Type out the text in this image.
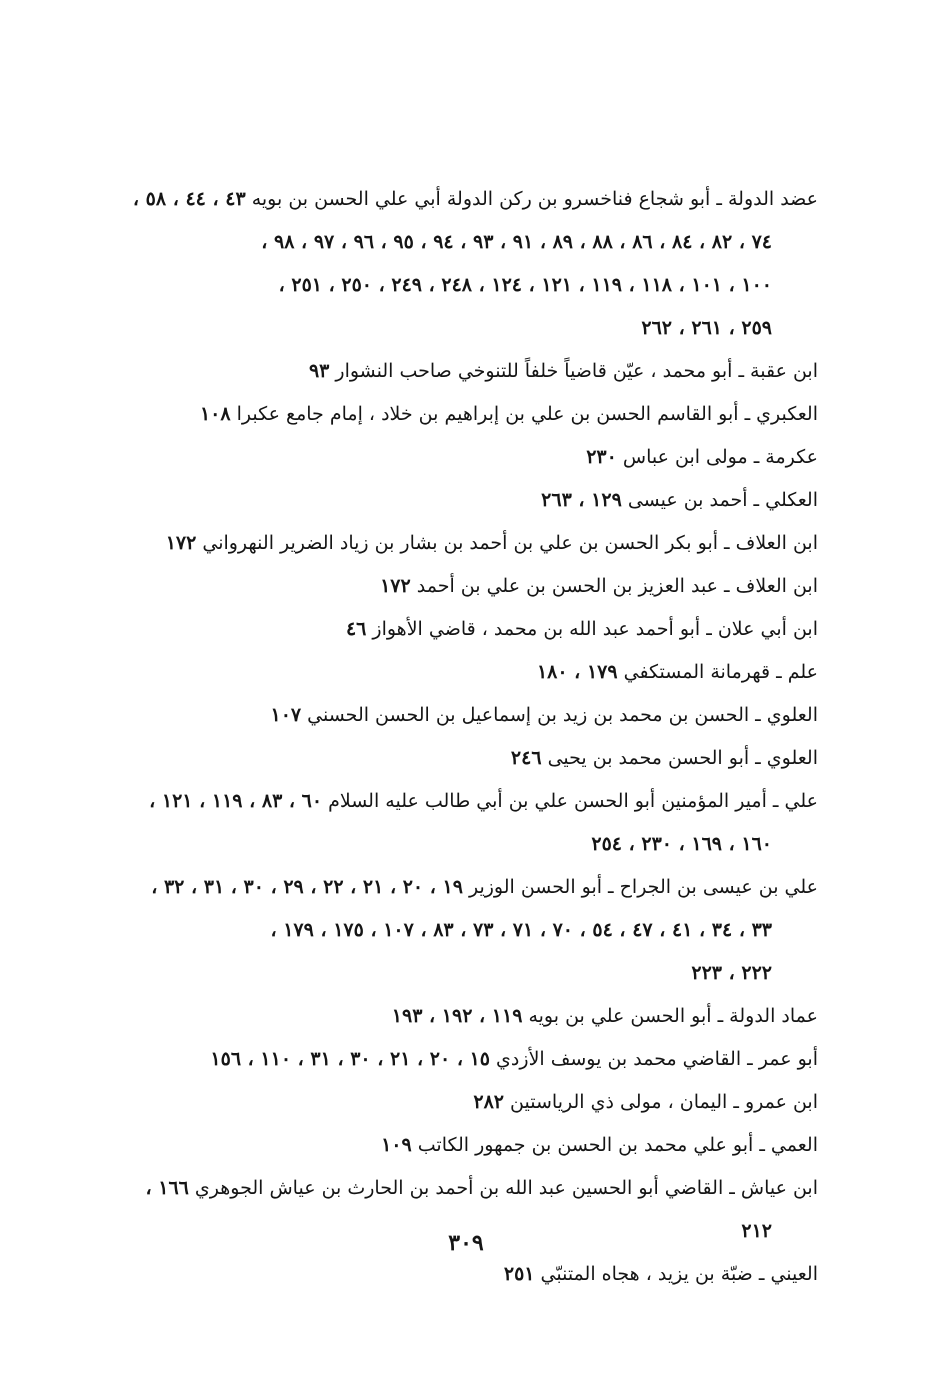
عضد الدولة ـ أبو شجاع فناخسرو بن ركن الدولة أبي علي الحسن بن بويه ٤٣ ، ٤٤ ، ٥٨ ،
٧٤ ، ٨٢ ، ٨٤ ، ٨٦ ، ٨٨ ، ٨٩ ، ٩١ ، ٩٣ ، ٩٤ ، ٩٥ ، ٩٦ ، ٩٧ ، ٩٨ ،
١٠٠ ، ١٠١ ، ١١٨ ، ١١٩ ، ١٢١ ، ١٢٤ ، ٢٤٨ ، ٢٤٩ ، ٢٥٠ ، ٢٥١ ،
٢٥٩ ، ٢٦١ ، ٢٦٢

ابن عقبة ـ أبو محمد ، عيّن قاضياً خلفاً للتنوخي صاحب النشوار ٩٣

العكبري ـ أبو القاسم الحسن بن علي بن إبراهيم بن خلاد ، إمام جامع عكبرا ١٠٨

عكرمة ـ مولى ابن عباس ٢٣٠

العكلي ـ أحمد بن عيسى ١٢٩ ، ٢٦٣

ابن العلاف ـ أبو بكر الحسن بن علي بن أحمد بن بشار بن زياد الضرير النهرواني ١٧٢

ابن العلاف ـ عبد العزيز بن الحسن بن علي بن أحمد ١٧٢

ابن أبي علان ـ أبو أحمد عبد الله بن محمد ، قاضي الأهواز ٤٦

علم ـ قهرمانة المستكفي ١٧٩ ، ١٨٠

العلوي ـ الحسن بن محمد بن زيد بن إسماعيل بن الحسن الحسني ١٠٧

العلوي ـ أبو الحسن محمد بن يحيى ٢٤٦

علي ـ أمير المؤمنين أبو الحسن علي بن أبي طالب عليه السلام ٦٠ ، ٨٣ ، ١١٩ ، ١٢١ ،
١٦٠ ، ١٦٩ ، ٢٣٠ ، ٢٥٤

علي بن عيسى بن الجراح ـ أبو الحسن الوزير ١٩ ، ٢٠ ، ٢١ ، ٢٢ ، ٢٩ ، ٣٠ ، ٣١ ، ٣٢ ،
٣٣ ، ٣٤ ، ٤١ ، ٤٧ ، ٥٤ ، ٧٠ ، ٧١ ، ٧٣ ، ٨٣ ، ١٠٧ ، ١٧٥ ، ١٧٩ ،
٢٢٢ ، ٢٢٣

عماد الدولة ـ أبو الحسن علي بن بويه ١١٩ ، ١٩٢ ، ١٩٣

أبو عمر ـ القاضي محمد بن يوسف الأزدي ١٥ ، ٢٠ ، ٢١ ، ٣٠ ، ٣١ ، ١١٠ ، ١٥٦

ابن عمرو ـ اليمان ، مولى ذي الرياستين ٢٨٢

العمي ـ أبو علي محمد بن الحسن بن جمهور الكاتب ١٠٩

ابن عياش ـ القاضي أبو الحسين عبد الله بن أحمد بن الحارث بن عياش الجوهري ١٦٦ ،
٢١٢

العيني ـ ضبّة بن يزيد ، هجاه المتنبّي ٢٥١

٣٠٩
